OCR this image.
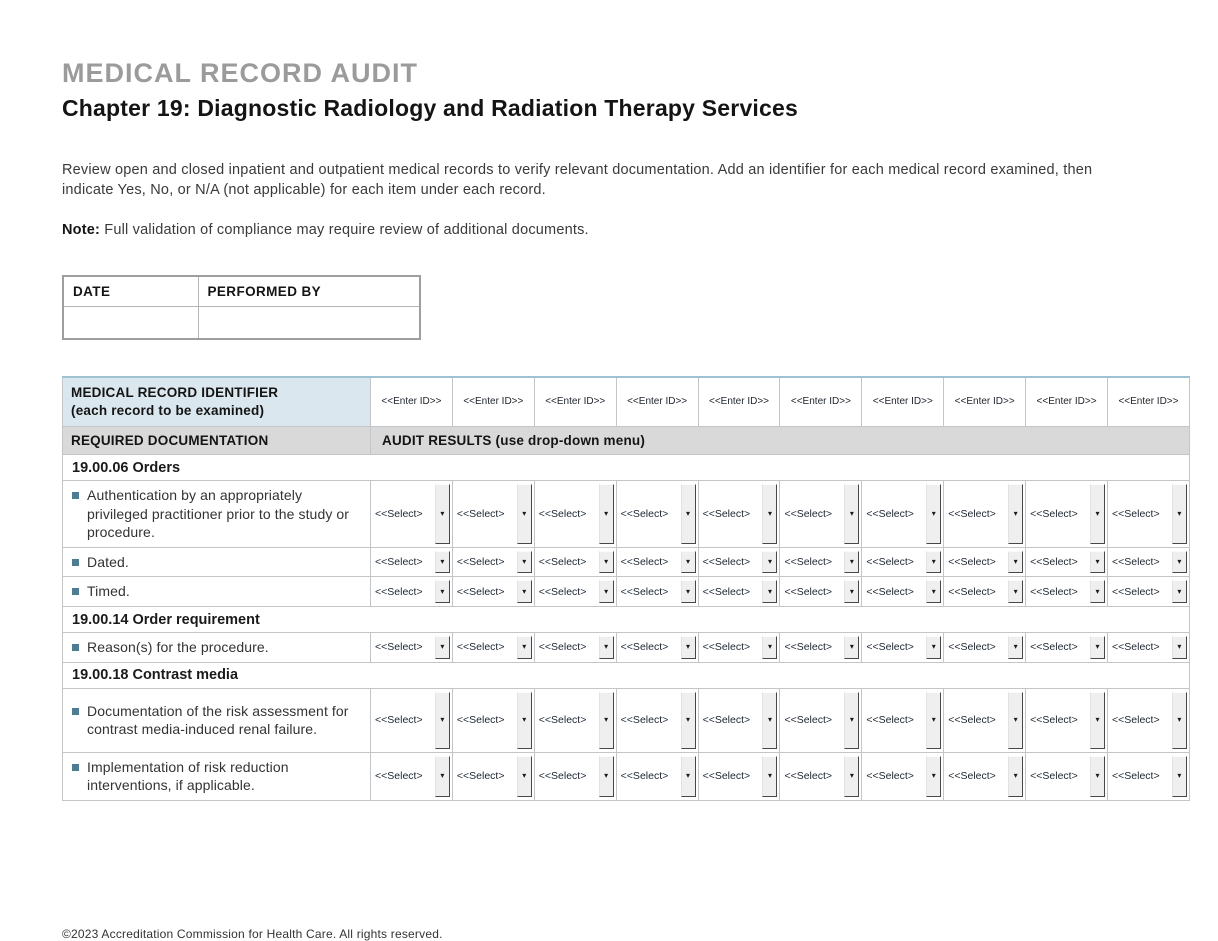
MEDICAL RECORD AUDIT
Chapter 19: Diagnostic Radiology and Radiation Therapy Services

Review open and closed inpatient and outpatient medical records to verify relevant documentation. Add an identifier for each medical record examined, then indicate Yes, No, or N/A (not applicable) for each item under each record.

Note: Full validation of compliance may require review of additional documents.

DATE	PERFORMED BY

MEDICAL RECORD IDENTIFIER
(each record to be examined)	<<Enter ID>>	<<Enter ID>>	<<Enter ID>>	<<Enter ID>>	<<Enter ID>>	<<Enter ID>>	<<Enter ID>>	<<Enter ID>>	<<Enter ID>>	<<Enter ID>>
REQUIRED DOCUMENTATION	AUDIT RESULTS (use drop-down menu)									
19.00.06 Orders										

Authentication by an appropriately privileged practitioner prior to the study or procedure.	<<Select> ▾	<<Select> ▾	<<Select> ▾	<<Select> ▾	<<Select> ▾	<<Select> ▾	<<Select> ▾	<<Select> ▾	<<Select> ▾	<<Select> ▾

Dated.	<<Select> ▾	<<Select> ▾	<<Select> ▾	<<Select> ▾	<<Select> ▾	<<Select> ▾	<<Select> ▾	<<Select> ▾	<<Select> ▾	<<Select> ▾

Timed.	<<Select> ▾	<<Select> ▾	<<Select> ▾	<<Select> ▾	<<Select> ▾	<<Select> ▾	<<Select> ▾	<<Select> ▾	<<Select> ▾	<<Select> ▾

19.00.14 Order requirement										

Reason(s) for the procedure.	<<Select> ▾	<<Select> ▾	<<Select> ▾	<<Select> ▾	<<Select> ▾	<<Select> ▾	<<Select> ▾	<<Select> ▾	<<Select> ▾	<<Select> ▾

19.00.18 Contrast media										

Documentation of the risk assessment for contrast media-induced renal failure.	<<Select> ▾	<<Select> ▾	<<Select> ▾	<<Select> ▾	<<Select> ▾	<<Select> ▾	<<Select> ▾	<<Select> ▾	<<Select> ▾	<<Select> ▾

Implementation of risk reduction interventions, if applicable.	<<Select> ▾	<<Select> ▾	<<Select> ▾	<<Select> ▾	<<Select> ▾	<<Select> ▾	<<Select> ▾	<<Select> ▾	<<Select> ▾	<<Select> ▾
©2023 Accreditation Commission for Health Care. All rights reserved.
